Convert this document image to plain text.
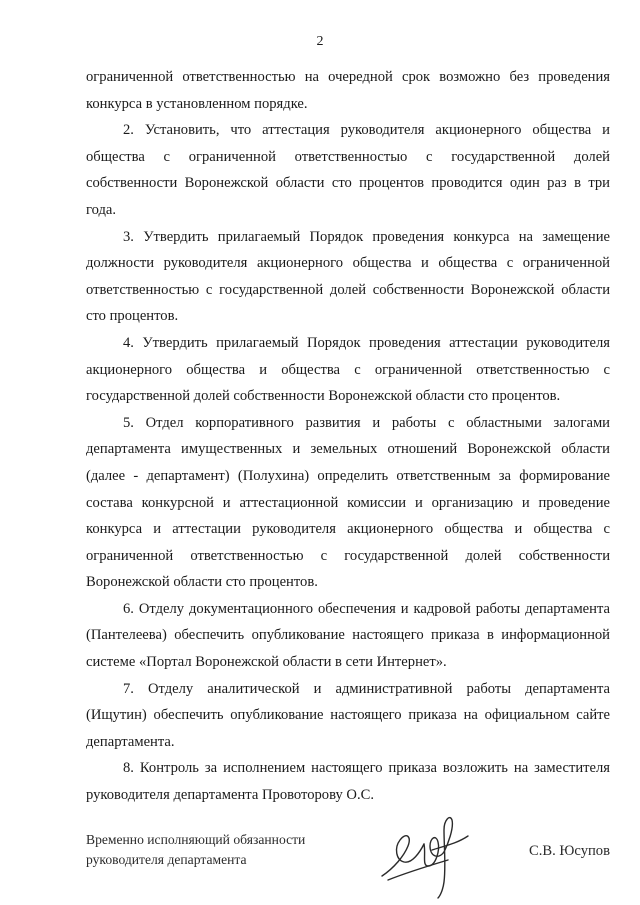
2

ограниченной ответственностью на очередной срок возможно без проведения конкурса в установленном порядке.

2. Установить, что аттестация руководителя акционерного общества и общества с ограниченной ответственностыо с государственной долей собственности Воронежской области сто процентов проводится один раз в три года.

3. Утвердить прилагаемый Порядок проведения конкурса на замещение должности руководителя акционерного общества и общества с ограниченной ответственностью с государственной долей собственности Воронежской области сто процентов.

4. Утвердить прилагаемый Порядок проведения аттестации руководителя акционерного общества и общества с ограниченной ответственностью с государственной долей собственности Воронежской области сто процентов.

5. Отдел корпоративного развития и работы с областными залогами департамента имущественных и земельных отношений Воронежской области (далее - департамент) (Полухина) определить ответственным за формирование состава конкурсной и аттестационной комиссии и организацию и проведение конкурса и аттестации руководителя акционерного общества и общества с ограниченной ответственностью с государственной долей собственности Воронежской области сто процентов.

6. Отделу документационного обеспечения и кадровой работы департамента (Пантелеева) обеспечить опубликование настоящего приказа в информационной системе «Портал Воронежской области в сети Интернет».

7. Отделу аналитической и административной работы департамента (Ищутин) обеспечить опубликование настоящего приказа на официальном сайте департамента.

8. Контроль за исполнением настоящего приказа возложить на заместителя руководителя департамента Провоторову О.С.

Временно исполняющий обязанности
руководителя департамента
С.В. Юсупов
